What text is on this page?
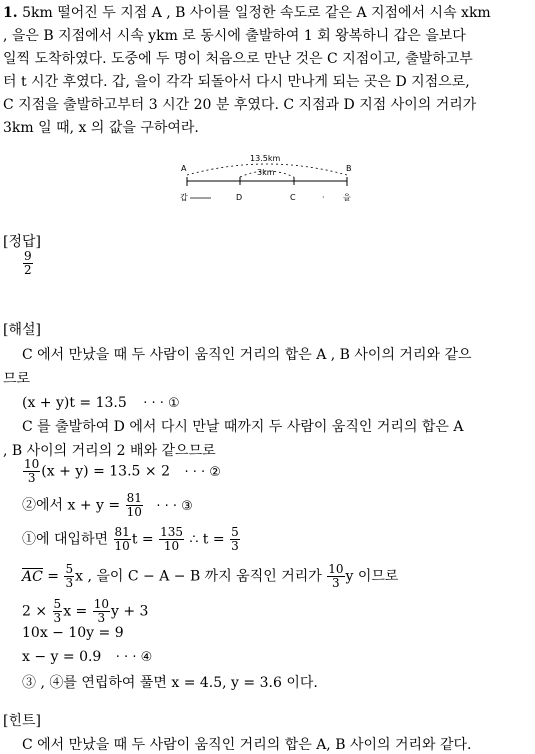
1. 5km 떨어진 두 지점 A , B 사이를 일정한 속도로 같은 A 지점에서 시속 xkm
, 을은 B 지점에서 시속 ykm 로 동시에 출발하여 1 회 왕복하니 갑은 을보다
일찍 도착하였다. 도중에 두 명이 처음으로 만난 것은 C 지점이고, 출발하고부
터 t 시간 후였다. 갑, 을이 각각 되돌아서 다시 만나게 되는 곳은 D 지점으로,
C 지점을 출발하고부터 3 시간 20 분 후였다. C 지점과 D 지점 사이의 거리가
3km 일 때, x 의 값을 구하여라.
A	B
13.5km
3km
갑	D	C	· 을
[정답]
$\frac{9}{2}$
[해설]
C 에서 만났을 때 두 사람이 움직인 거리의 합은 A , B 사이의 거리와 같으
므로
(x + y)t = 13.5 · · · ①
C 를 출발하여 D 에서 다시 만날 때까지 두 사람이 움직인 거리의 합은 A
, B 사이의 거리의 2 배와 같으므로
$\frac{10}{3} (x + y) = 13.5 \times 2$ · · · ②
②에서 $x + y = \frac{81}{10}$ · · · ③
①에 대입하면 $\frac{81}{10}$ $t = \frac{135}{10}$ ∴ $t = \frac{5}{3}$
AC = $\frac{5}{3}$ x , 을이 C − A − B 까지 움직인 거리가 $\frac{10}{3}$ y 이므로
$2 \times \frac{5}{3}$ $x = \frac{10}{3}$ y + 3
10x − 10y = 9
x − y = 0.9 · · · ④
③ , ④를 연립하여 풀면 x = 4.5, y = 3.6 이다.
[힌트]
C 에서 만났을 때 두 사람이 움직인 거리의 합은 A, B 사이의 거리와 같다.
